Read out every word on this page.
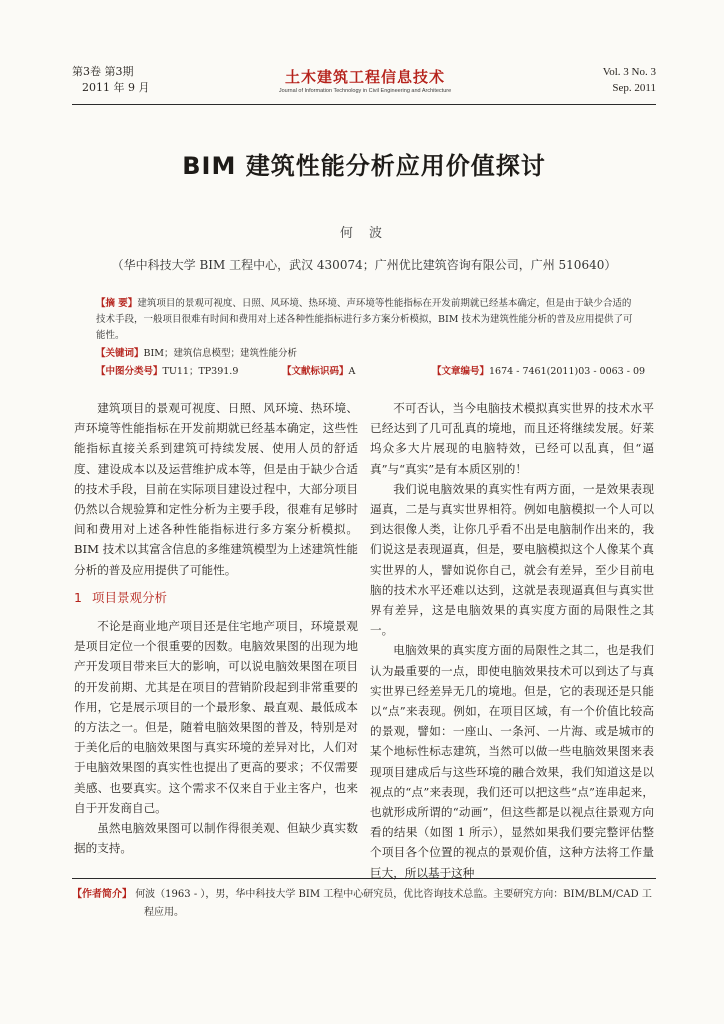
第3卷 第3期
2011 年 9 月
土木建筑工程信息技术
Journal of Information Technology in Civil Engineering and Architecture
Vol. 3 No. 3
Sep. 2011
BIM 建筑性能分析应用价值探讨
何 波
（华中科技大学 BIM 工程中心，武汉 430074；广州优比建筑咨询有限公司，广州 510640）
【摘 要】建筑项目的景观可视度、日照、风环境、热环境、声环境等性能指标在开发前期就已经基本确定，但是由于缺少合适的技术手段，一般项目很难有时间和费用对上述各种性能指标进行多方案分析模拟，BIM 技术为建筑性能分析的普及应用提供了可能性。
【关键词】BIM；建筑信息模型；建筑性能分析
【中图分类号】TU11；TP391.9	【文献标识码】A	【文章编号】1674 - 7461(2011)03 - 0063 - 09

建筑项目的景观可视度、日照、风环境、热环境、声环境等性能指标在开发前期就已经基本确定，这些性能指标直接关系到建筑可持续发展、使用人员的舒适度、建设成本以及运营维护成本等，但是由于缺少合适的技术手段，目前在实际项目建设过程中，大部分项目仍然以合规验算和定性分析为主要手段，很难有足够时间和费用对上述各种性能指标进行多方案分析模拟。BIM 技术以其富含信息的多维建筑模型为上述建筑性能分析的普及应用提供了可能性。

1 项目景观分析

不论是商业地产项目还是住宅地产项目，环境景观是项目定位一个很重要的因数。电脑效果图的出现为地产开发项目带来巨大的影响，可以说电脑效果图在项目的开发前期、尤其是在项目的营销阶段起到非常重要的作用，它是展示项目的一个最形象、最直观、最低成本的方法之一。但是，随着电脑效果图的普及，特别是对于美化后的电脑效果图与真实环境的差异对比，人们对于电脑效果图的真实性也提出了更高的要求；不仅需要美感、也要真实。这个需求不仅来自于业主客户，也来自于开发商自己。

虽然电脑效果图可以制作得很美观、但缺少真实数据的支持。

不可否认，当今电脑技术模拟真实世界的技术水平已经达到了几可乱真的境地，而且还将继续发展。好莱坞众多大片展现的电脑特效，已经可以乱真，但“逼真”与“真实”是有本质区别的！

我们说电脑效果的真实性有两方面，一是效果表现逼真，二是与真实世界相符。例如电脑模拟一个人可以到达很像人类，让你几乎看不出是电脑制作出来的，我们说这是表现逼真，但是，要电脑模拟这个人像某个真实世界的人，譬如说你自己，就会有差异，至少目前电脑的技术水平还难以达到，这就是表现逼真但与真实世界有差异，这是电脑效果的真实度方面的局限性之其一。

电脑效果的真实度方面的局限性之其二，也是我们认为最重要的一点，即使电脑效果技术可以到达了与真实世界已经差异无几的境地。但是，它的表现还是只能以“点”来表现。例如，在项目区域，有一个价值比较高的景观，譬如：一座山、一条河、一片海、或是城市的某个地标性标志建筑，当然可以做一些电脑效果图来表现项目建成后与这些环境的融合效果，我们知道这是以视点的“点”来表现，我们还可以把这些“点”连串起来，也就形成所谓的“动画”，但这些都是以视点往景观方向看的结果（如图 1 所示），显然如果我们要完整评估整个项目各个位置的视点的景观价值，这种方法将工作量巨大，所以基于这种

【作者简介】 何波（1963 - ），男，华中科技大学 BIM 工程中心研究员，优比咨询技术总监。主要研究方向：BIM/BLM/CAD 工
程应用。
